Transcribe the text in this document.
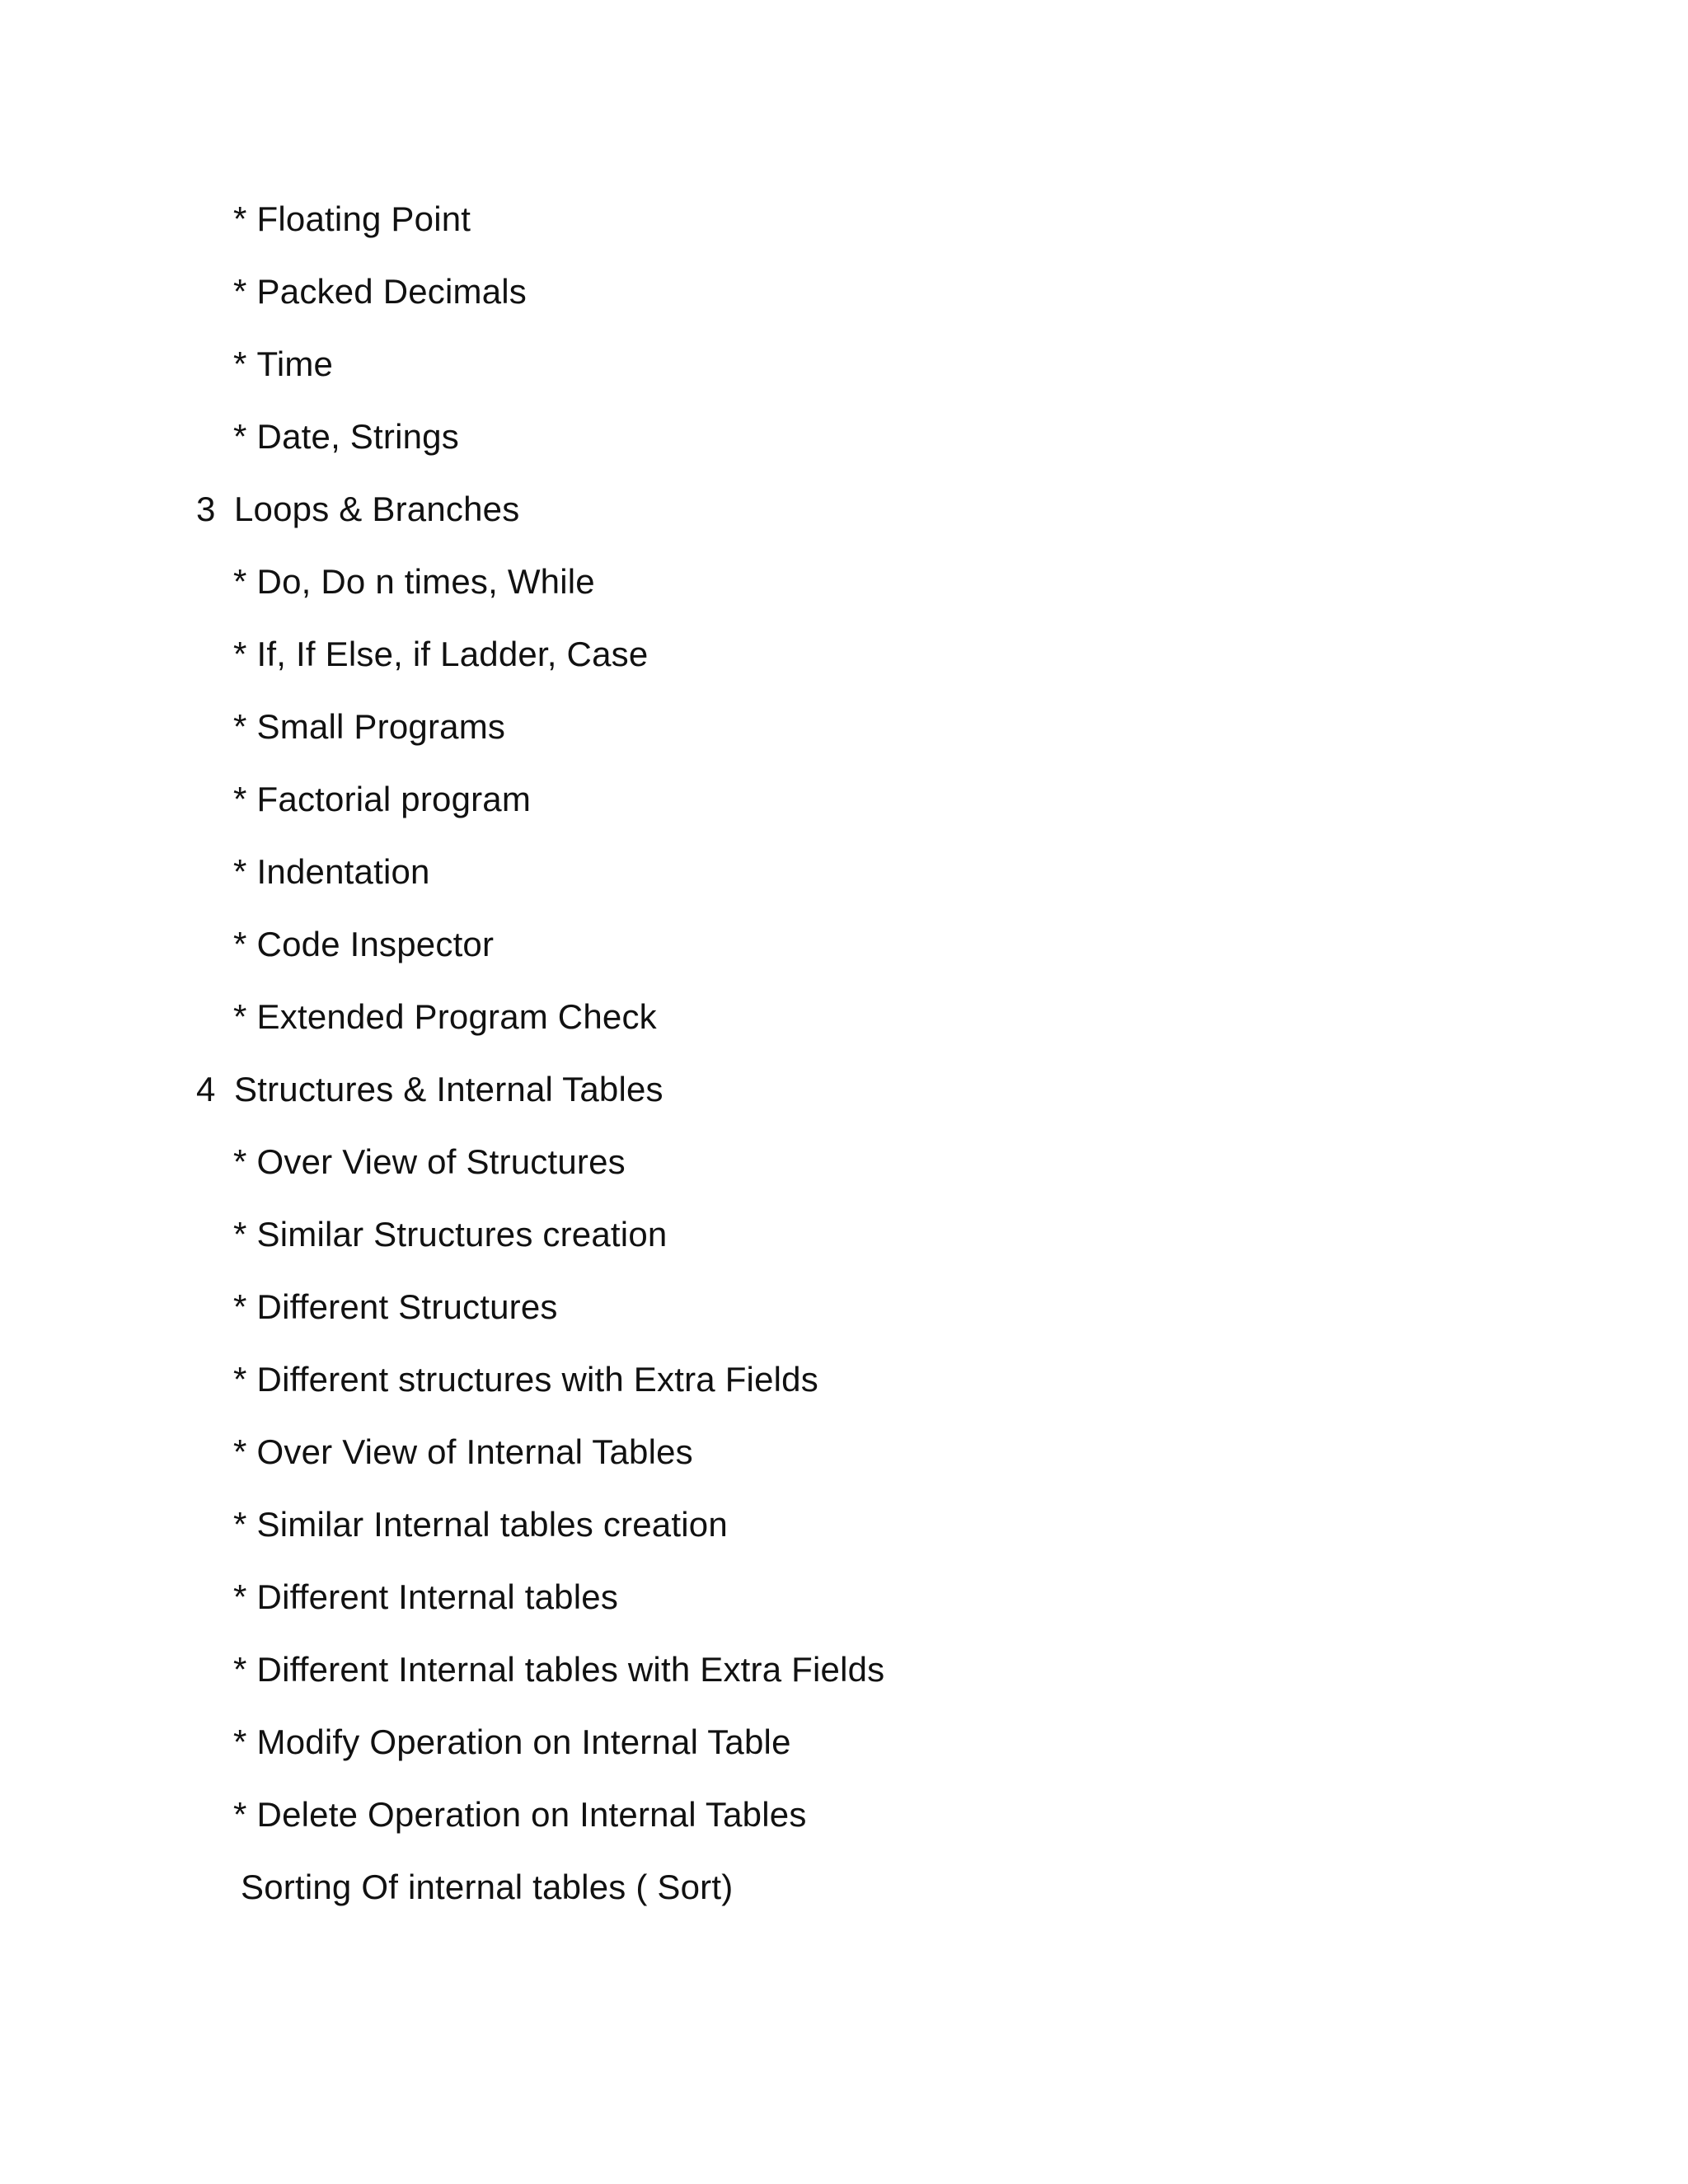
* Floating Point
* Packed Decimals
* Time
* Date, Strings
3 Loops & Branches
* Do, Do n times, While
* If, If Else, if Ladder, Case
* Small Programs
* Factorial program
* Indentation
* Code Inspector
* Extended Program Check
4 Structures & Internal Tables
* Over View of Structures
* Similar Structures creation
* Different Structures
* Different structures with Extra Fields
* Over View of Internal Tables
* Similar Internal tables creation
* Different Internal tables
* Different Internal tables with Extra Fields
* Modify Operation on Internal Table
* Delete Operation on Internal Tables
Sorting Of internal tables ( Sort)
